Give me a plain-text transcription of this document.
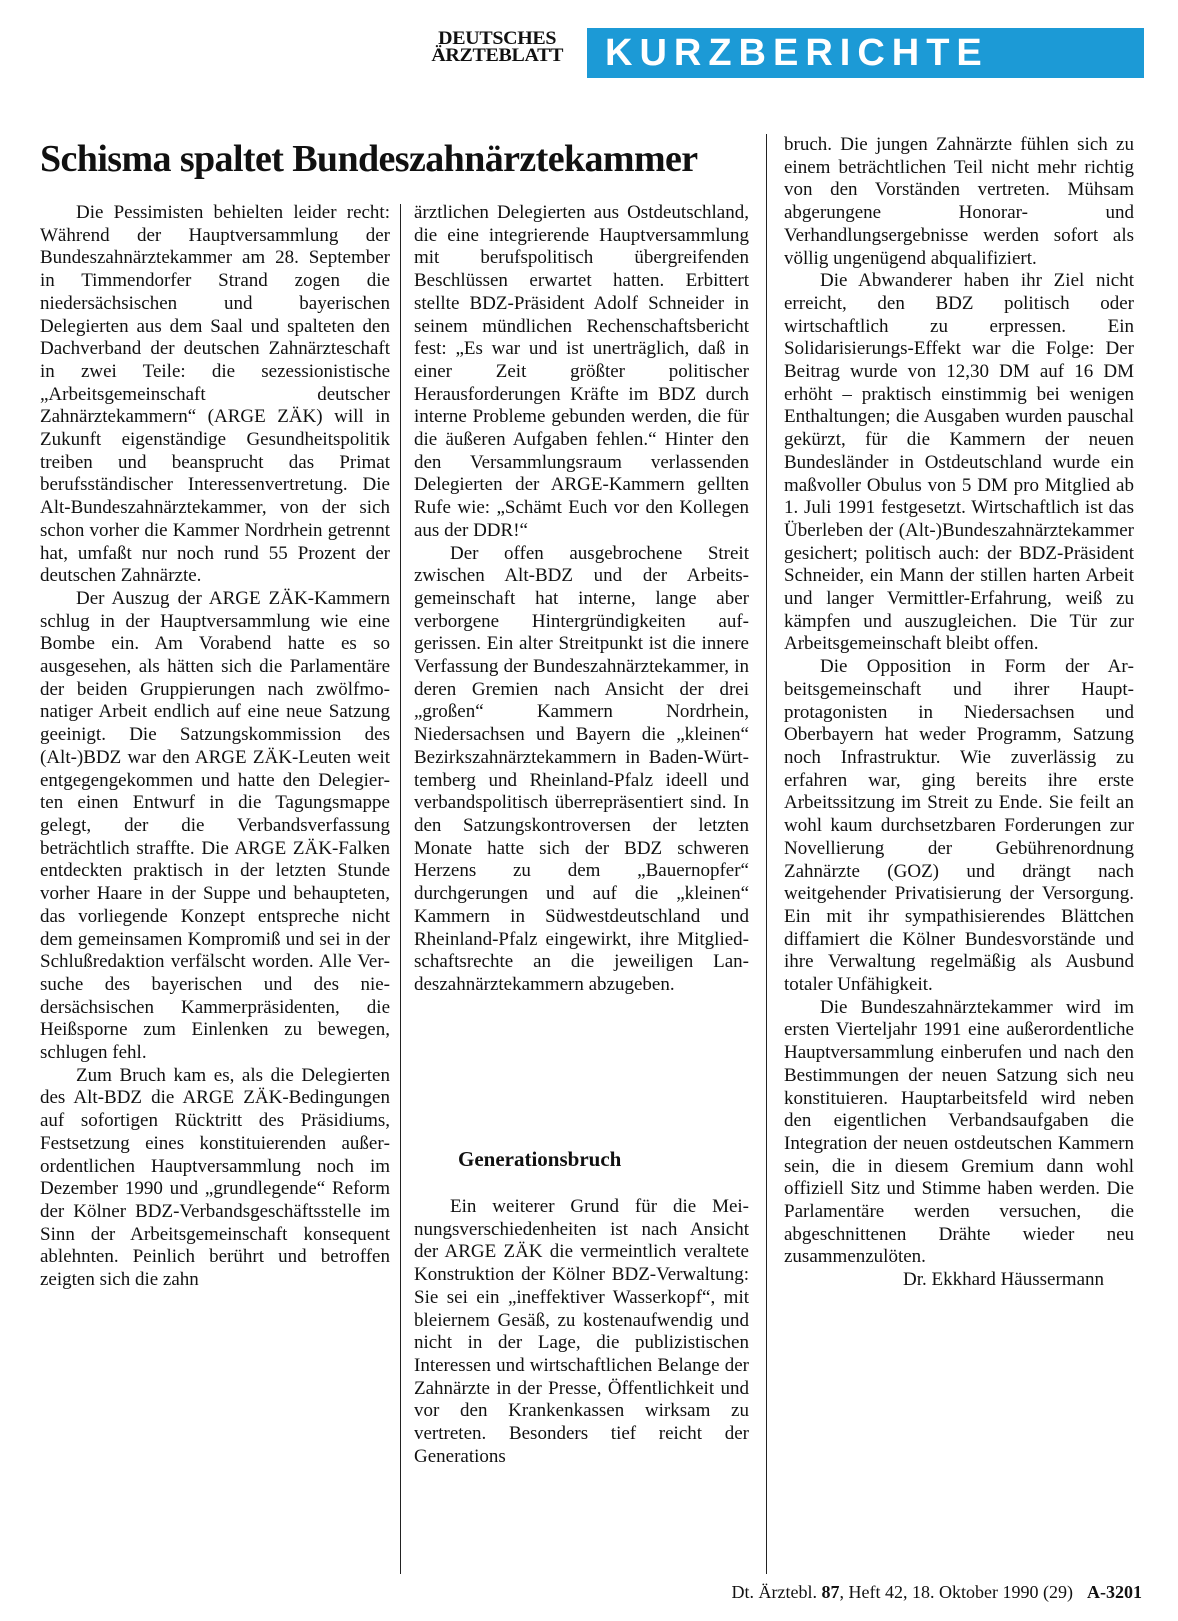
DEUTSCHES
ÄRZTEBLATT	KURZBERICHTE
Schisma spaltet Bundeszahnärztekammer

Die Pessimisten behielten leider recht: Während der Hauptversammlung der Bundeszahnärztekammer am 28. September in Timmendorfer Strand zogen die niedersächsischen und bayerischen Delegierten aus dem Saal und spalteten den Dachverband der deutschen Zahnärzteschaft in zwei Teile: die sezessionistische „Arbeitsgemeinschaft deutscher Zahnärztekammern“ (ARGE ZÄK) will in Zukunft eigenständige Gesundheitspolitik treiben und beansprucht das Primat berufsständischer Interessenvertretung. Die Alt-Bundeszahnärztekammer, von der sich schon vorher die Kammer Nordrhein getrennt hat, umfaßt nur noch rund 55 Prozent der deutschen Zahnärzte.

Der Auszug der ARGE ZÄK-Kammern schlug in der Hauptversammlung wie eine Bombe ein. Am Vorabend hatte es so ausgesehen, als hätten sich die Parlamentäre der beiden Gruppierungen nach zwölfmonatiger Arbeit endlich auf eine neue Satzung geeinigt. Die Satzungskommission des (Alt-)BDZ war den ARGE ZÄK-Leuten weit entgegengekommen und hatte den Delegierten einen Entwurf in die Tagungsmappe gelegt, der die Verbandsverfassung beträchtlich straffte. Die ARGE ZÄK-Falken entdeckten praktisch in der letzten Stunde vorher Haare in der Suppe und behaupteten, das vorliegende Konzept entspreche nicht dem gemeinsamen Kompromiß und sei in der Schlußredaktion verfälscht worden. Alle Versuche des bayerischen und des niedersächsischen Kammerpräsidenten, die Heißsporne zum Einlenken zu bewegen, schlugen fehl.

Zum Bruch kam es, als die Delegierten des Alt-BDZ die ARGE ZÄK-Bedingungen auf sofortigen Rücktritt des Präsidiums, Festsetzung eines konstituierenden außerordentlichen Hauptversammlung noch im Dezember 1990 und „grundlegende“ Reform der Kölner BDZ-Verbandsgeschäftsstelle im Sinn der Arbeitsgemeinschaft konsequent ablehnten. Peinlich berührt und betroffen zeigten sich die zahn

ärztlichen Delegierten aus Ostdeutschland, die eine integrierende Hauptversammlung mit berufspolitisch übergreifenden Beschlüssen erwartet hatten. Erbittert stellte BDZ-Präsident Adolf Schneider in seinem mündlichen Rechenschaftsbericht fest: „Es war und ist unerträglich, daß in einer Zeit größter politischer Herausforderungen Kräfte im BDZ durch interne Probleme gebunden werden, die für die äußeren Aufgaben fehlen.“ Hinter den den Versammlungsraum verlassenden Delegierten der ARGE-Kammern gellten Rufe wie: „Schämt Euch vor den Kollegen aus der DDR!“

Der offen ausgebrochene Streit zwischen Alt-BDZ und der Arbeitsgemeinschaft hat interne, lange aber verborgene Hintergründigkeiten aufgerissen. Ein alter Streitpunkt ist die innere Verfassung der Bundeszahnärztekammer, in deren Gremien nach Ansicht der drei „großen“ Kammern Nordrhein, Niedersachsen und Bayern die „kleinen“ Bezirkszahnärztekammern in Baden-Württemberg und Rheinland-Pfalz ideell und verbandspolitisch überrepräsentiert sind. In den Satzungskontroversen der letzten Monate hatte sich der BDZ schweren Herzens zu dem „Bauernopfer“ durchgerungen und auf die „kleinen“ Kammern in Südwestdeutschland und Rheinland-Pfalz eingewirkt, ihre Mitgliedschaftsrechte an die jeweiligen Landeszahnärztekammern abzugeben.

Generationsbruch

Ein weiterer Grund für die Meinungsverschiedenheiten ist nach Ansicht der ARGE ZÄK die vermeintlich veraltete Konstruktion der Kölner BDZ-Verwaltung: Sie sei ein „ineffektiver Wasserkopf“, mit bleiernem Gesäß, zu kostenaufwendig und nicht in der Lage, die publizistischen Interessen und wirtschaftlichen Belange der Zahnärzte in der Presse, Öffentlichkeit und vor den Krankenkassen wirksam zu vertreten. Besonders tief reicht der Generations

bruch. Die jungen Zahnärzte fühlen sich zu einem beträchtlichen Teil nicht mehr richtig von den Vorständen vertreten. Mühsam abgerungene Honorar- und Verhandlungsergebnisse werden sofort als völlig ungenügend abqualifiziert.

Die Abwanderer haben ihr Ziel nicht erreicht, den BDZ politisch oder wirtschaftlich zu erpressen. Ein Solidarisierungs-Effekt war die Folge: Der Beitrag wurde von 12,30 DM auf 16 DM erhöht – praktisch einstimmig bei wenigen Enthaltungen; die Ausgaben wurden pauschal gekürzt, für die Kammern der neuen Bundesländer in Ostdeutschland wurde ein maßvoller Obulus von 5 DM pro Mitglied ab 1. Juli 1991 festgesetzt. Wirtschaftlich ist das Überleben der (Alt-)Bundeszahnärztekammer gesichert; politisch auch: der BDZ-Präsident Schneider, ein Mann der stillen harten Arbeit und langer Vermittler-Erfahrung, weiß zu kämpfen und auszugleichen. Die Tür zur Arbeitsgemeinschaft bleibt offen.

Die Opposition in Form der Arbeitsgemeinschaft und ihrer Hauptprotagonisten in Niedersachsen und Oberbayern hat weder Programm, Satzung noch Infrastruktur. Wie zuverlässig zu erfahren war, ging bereits ihre erste Arbeitssitzung im Streit zu Ende. Sie feilt an wohl kaum durchsetzbaren Forderungen zur Novellierung der Gebührenordnung Zahnärzte (GOZ) und drängt nach weitgehender Privatisierung der Versorgung. Ein mit ihr sympathisierendes Blättchen diffamiert die Kölner Bundesvorstände und ihre Verwaltung regelmäßig als Ausbund totaler Unfähigkeit.

Die Bundeszahnärztekammer wird im ersten Vierteljahr 1991 eine außerordentliche Hauptversammlung einberufen und nach den Bestimmungen der neuen Satzung sich neu konstituieren. Hauptarbeitsfeld wird neben den eigentlichen Verbandsaufgaben die Integration der neuen ostdeutschen Kammern sein, die in diesem Gremium dann wohl offiziell Sitz und Stimme haben werden. Die Parlamentäre werden versuchen, die abgeschnittenen Drähte wieder neu zusammenzulöten.

Dr. Ekkhard Häussermann

Dt. Ärztebl. 87, Heft 42, 18. Oktober 1990 (29) A-3201
